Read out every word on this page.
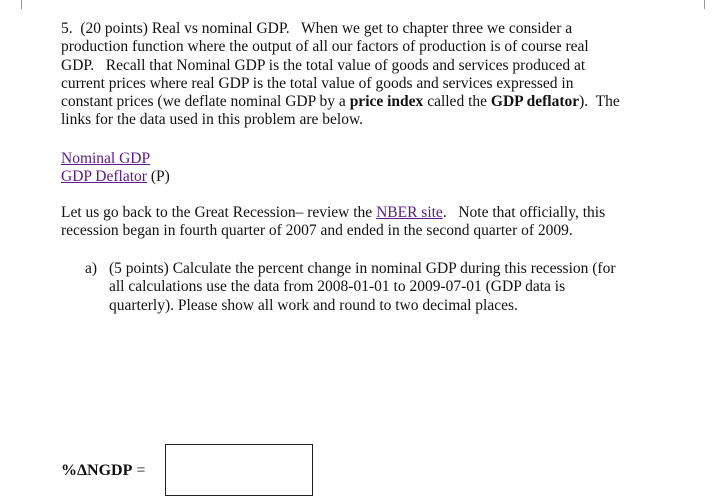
5. (20 points) Real vs nominal GDP. When we get to chapter three we consider a
production function where the output of all our factors of production is of course real
GDP.   Recall that Nominal GDP is the total value of goods and services produced at
current prices where real GDP is the total value of goods and services expressed in
constant prices (we deflate nominal GDP by a price index called the GDP deflator).  The
links for the data used in this problem are below.
Nominal GDP
GDP Deflator (P)
Let us go back to the Great Recession– review the NBER site.   Note that officially, this
recession began in fourth quarter of 2007 and ended in the second quarter of 2009.
a) (5 points) Calculate the percent change in nominal GDP during this recession (for
all calculations use the data from 2008-01-01 to 2009-07-01 (GDP data is
quarterly). Please show all work and round to two decimal places.
%ΔNGDP =
